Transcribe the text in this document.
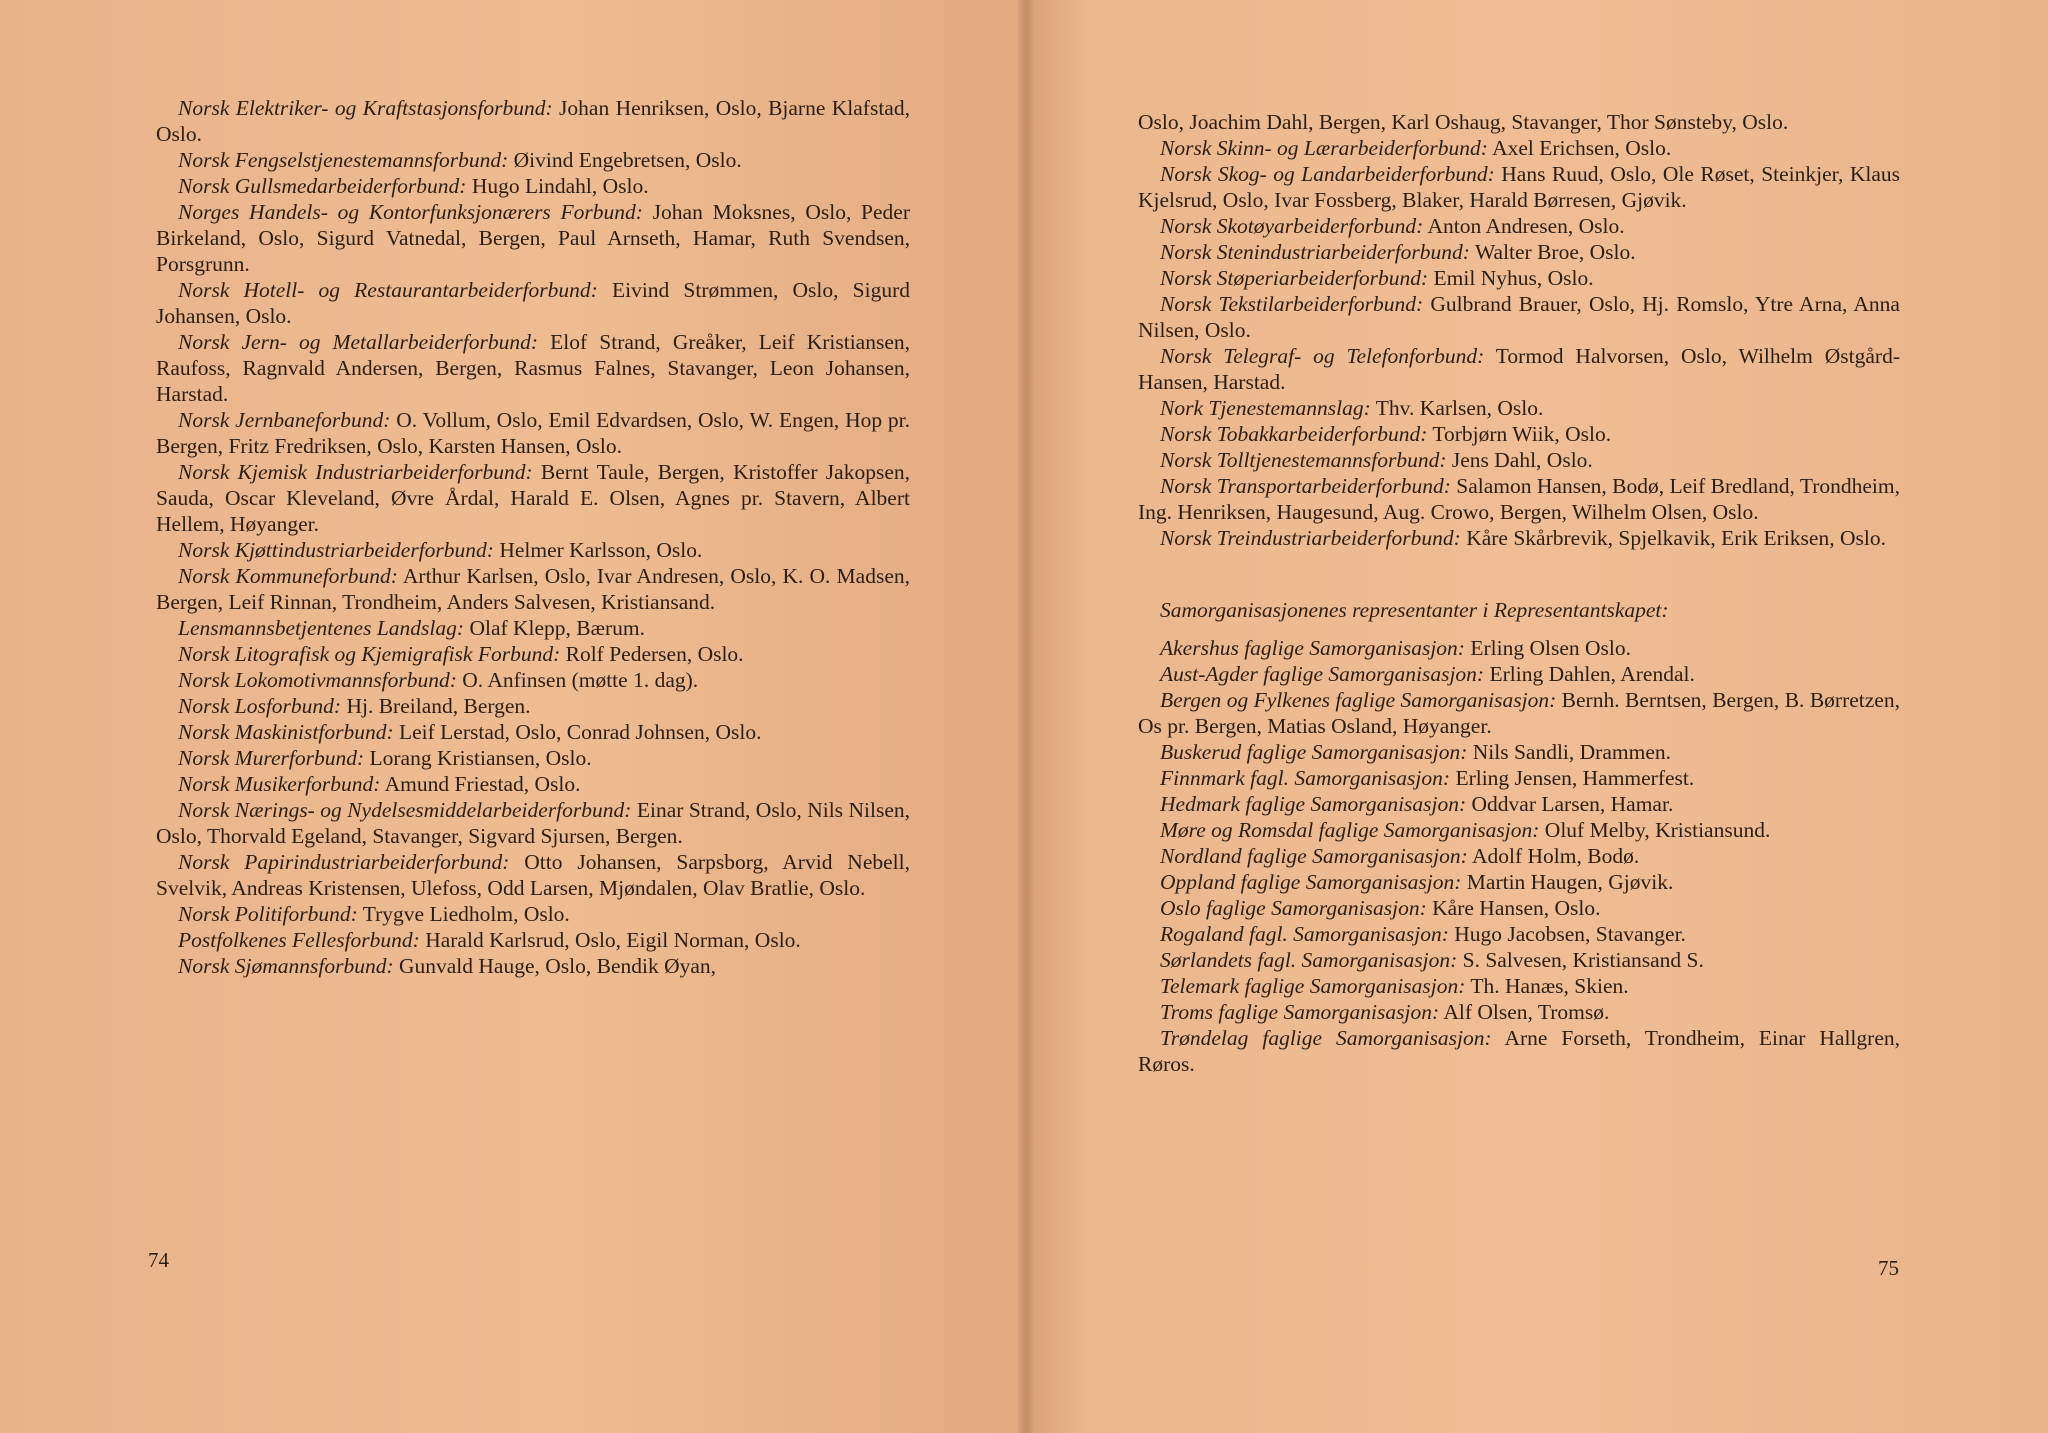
Norsk Elektriker- og Kraftstasjonsforbund: Johan Henriksen, Oslo, Bjarne Klafstad, Oslo.

Norsk Fengselstjenestemannsforbund: Øivind Engebretsen, Oslo.

Norsk Gullsmedarbeiderforbund: Hugo Lindahl, Oslo.

Norges Handels- og Kontorfunksjonærers Forbund: Johan Moksnes, Oslo, Peder Birkeland, Oslo, Sigurd Vatnedal, Bergen, Paul Arnseth, Hamar, Ruth Svendsen, Porsgrunn.

Norsk Hotell- og Restaurantarbeiderforbund: Eivind Strømmen, Oslo, Sigurd Johansen, Oslo.

Norsk Jern- og Metallarbeiderforbund: Elof Strand, Greåker, Leif Kristiansen, Raufoss, Ragnvald Andersen, Bergen, Rasmus Falnes, Stavanger, Leon Johansen, Harstad.

Norsk Jernbaneforbund: O. Vollum, Oslo, Emil Edvardsen, Oslo, W. Engen, Hop pr. Bergen, Fritz Fredriksen, Oslo, Karsten Hansen, Oslo.

Norsk Kjemisk Industriarbeiderforbund: Bernt Taule, Bergen, Kristoffer Jakopsen, Sauda, Oscar Kleveland, Øvre Årdal, Harald E. Olsen, Agnes pr. Stavern, Albert Hellem, Høyanger.

Norsk Kjøttindustriarbeiderforbund: Helmer Karlsson, Oslo.

Norsk Kommuneforbund: Arthur Karlsen, Oslo, Ivar Andresen, Oslo, K. O. Madsen, Bergen, Leif Rinnan, Trondheim, Anders Salvesen, Kristiansand.

Lensmannsbetjentenes Landslag: Olaf Klepp, Bærum.

Norsk Litografisk og Kjemigrafisk Forbund: Rolf Pedersen, Oslo.

Norsk Lokomotivmannsforbund: O. Anfinsen (møtte 1. dag).

Norsk Losforbund: Hj. Breiland, Bergen.

Norsk Maskinistforbund: Leif Lerstad, Oslo, Conrad Johnsen, Oslo.

Norsk Murerforbund: Lorang Kristiansen, Oslo.

Norsk Musikerforbund: Amund Friestad, Oslo.

Norsk Nærings- og Nydelsesmiddelarbeiderforbund: Einar Strand, Oslo, Nils Nilsen, Oslo, Thorvald Egeland, Stavanger, Sigvard Sjursen, Bergen.

Norsk Papirindustriarbeiderforbund: Otto Johansen, Sarpsborg, Arvid Nebell, Svelvik, Andreas Kristensen, Ulefoss, Odd Larsen, Mjøndalen, Olav Bratlie, Oslo.

Norsk Politiforbund: Trygve Liedholm, Oslo.

Postfolkenes Fellesforbund: Harald Karlsrud, Oslo, Eigil Norman, Oslo.

Norsk Sjømannsforbund: Gunvald Hauge, Oslo, Bendik Øyan,

Oslo, Joachim Dahl, Bergen, Karl Oshaug, Stavanger, Thor Sønsteby, Oslo.

Norsk Skinn- og Lærarbeiderforbund: Axel Erichsen, Oslo.

Norsk Skog- og Landarbeiderforbund: Hans Ruud, Oslo, Ole Røset, Steinkjer, Klaus Kjelsrud, Oslo, Ivar Fossberg, Blaker, Harald Børresen, Gjøvik.

Norsk Skotøyarbeiderforbund: Anton Andresen, Oslo.

Norsk Stenindustriarbeiderforbund: Walter Broe, Oslo.

Norsk Støperiarbeiderforbund: Emil Nyhus, Oslo.

Norsk Tekstilarbeiderforbund: Gulbrand Brauer, Oslo, Hj. Romslo, Ytre Arna, Anna Nilsen, Oslo.

Norsk Telegraf- og Telefonforbund: Tormod Halvorsen, Oslo, Wilhelm Østgård-Hansen, Harstad.

Nork Tjenestemannslag: Thv. Karlsen, Oslo.

Norsk Tobakkarbeiderforbund: Torbjørn Wiik, Oslo.

Norsk Tolltjenestemannsforbund: Jens Dahl, Oslo.

Norsk Transportarbeiderforbund: Salamon Hansen, Bodø, Leif Bredland, Trondheim, Ing. Henriksen, Haugesund, Aug. Crowo, Bergen, Wilhelm Olsen, Oslo.

Norsk Treindustriarbeiderforbund: Kåre Skårbrevik, Spjelkavik, Erik Eriksen, Oslo.

Samorganisasjonenes representanter i Representantskapet:

Akershus faglige Samorganisasjon: Erling Olsen Oslo.

Aust-Agder faglige Samorganisasjon: Erling Dahlen, Arendal.

Bergen og Fylkenes faglige Samorganisasjon: Bernh. Berntsen, Bergen, B. Børretzen, Os pr. Bergen, Matias Osland, Høyanger.

Buskerud faglige Samorganisasjon: Nils Sandli, Drammen.

Finnmark fagl. Samorganisasjon: Erling Jensen, Hammerfest.

Hedmark faglige Samorganisasjon: Oddvar Larsen, Hamar.

Møre og Romsdal faglige Samorganisasjon: Oluf Melby, Kristiansund.

Nordland faglige Samorganisasjon: Adolf Holm, Bodø.

Oppland faglige Samorganisasjon: Martin Haugen, Gjøvik.

Oslo faglige Samorganisasjon: Kåre Hansen, Oslo.

Rogaland fagl. Samorganisasjon: Hugo Jacobsen, Stavanger.

Sørlandets fagl. Samorganisasjon: S. Salvesen, Kristiansand S.

Telemark faglige Samorganisasjon: Th. Hanæs, Skien.

Troms faglige Samorganisasjon: Alf Olsen, Tromsø.

Trøndelag faglige Samorganisasjon: Arne Forseth, Trondheim, Einar Hallgren, Røros.

74	75
